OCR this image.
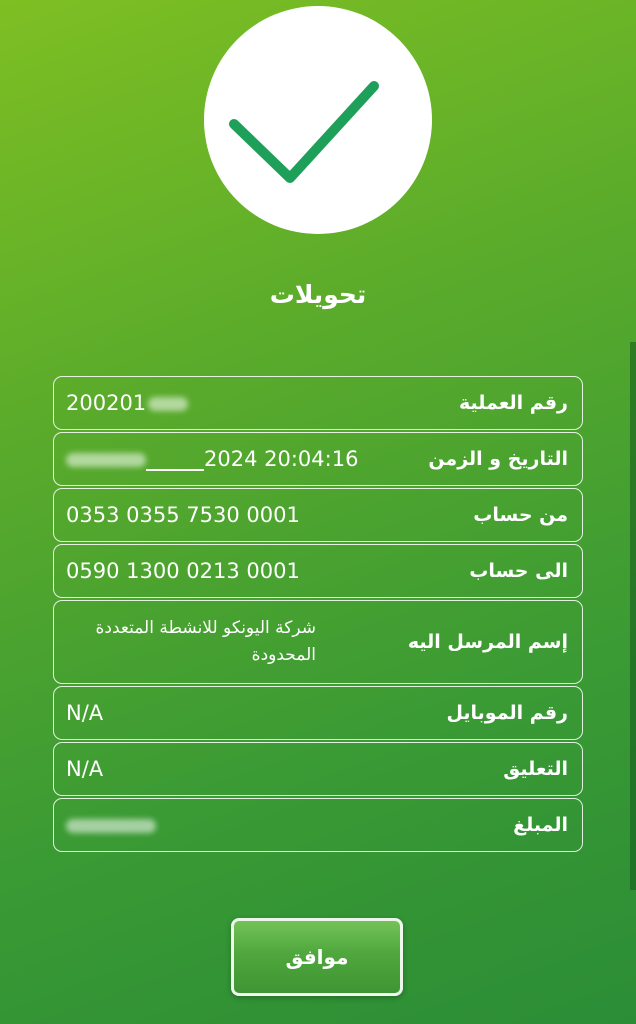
تحويلات
رقم العملية
200201
التاريخ و الزمن
2024 20:04:16
من حساب
0353 0355 7530 0001
الى حساب
0590 1300 0213 0001
إسم المرسل اليه
شركة اليونكو للانشطة المتعددة المحدودة
رقم الموبايل
N/A
التعليق
N/A
المبلغ
موافق
